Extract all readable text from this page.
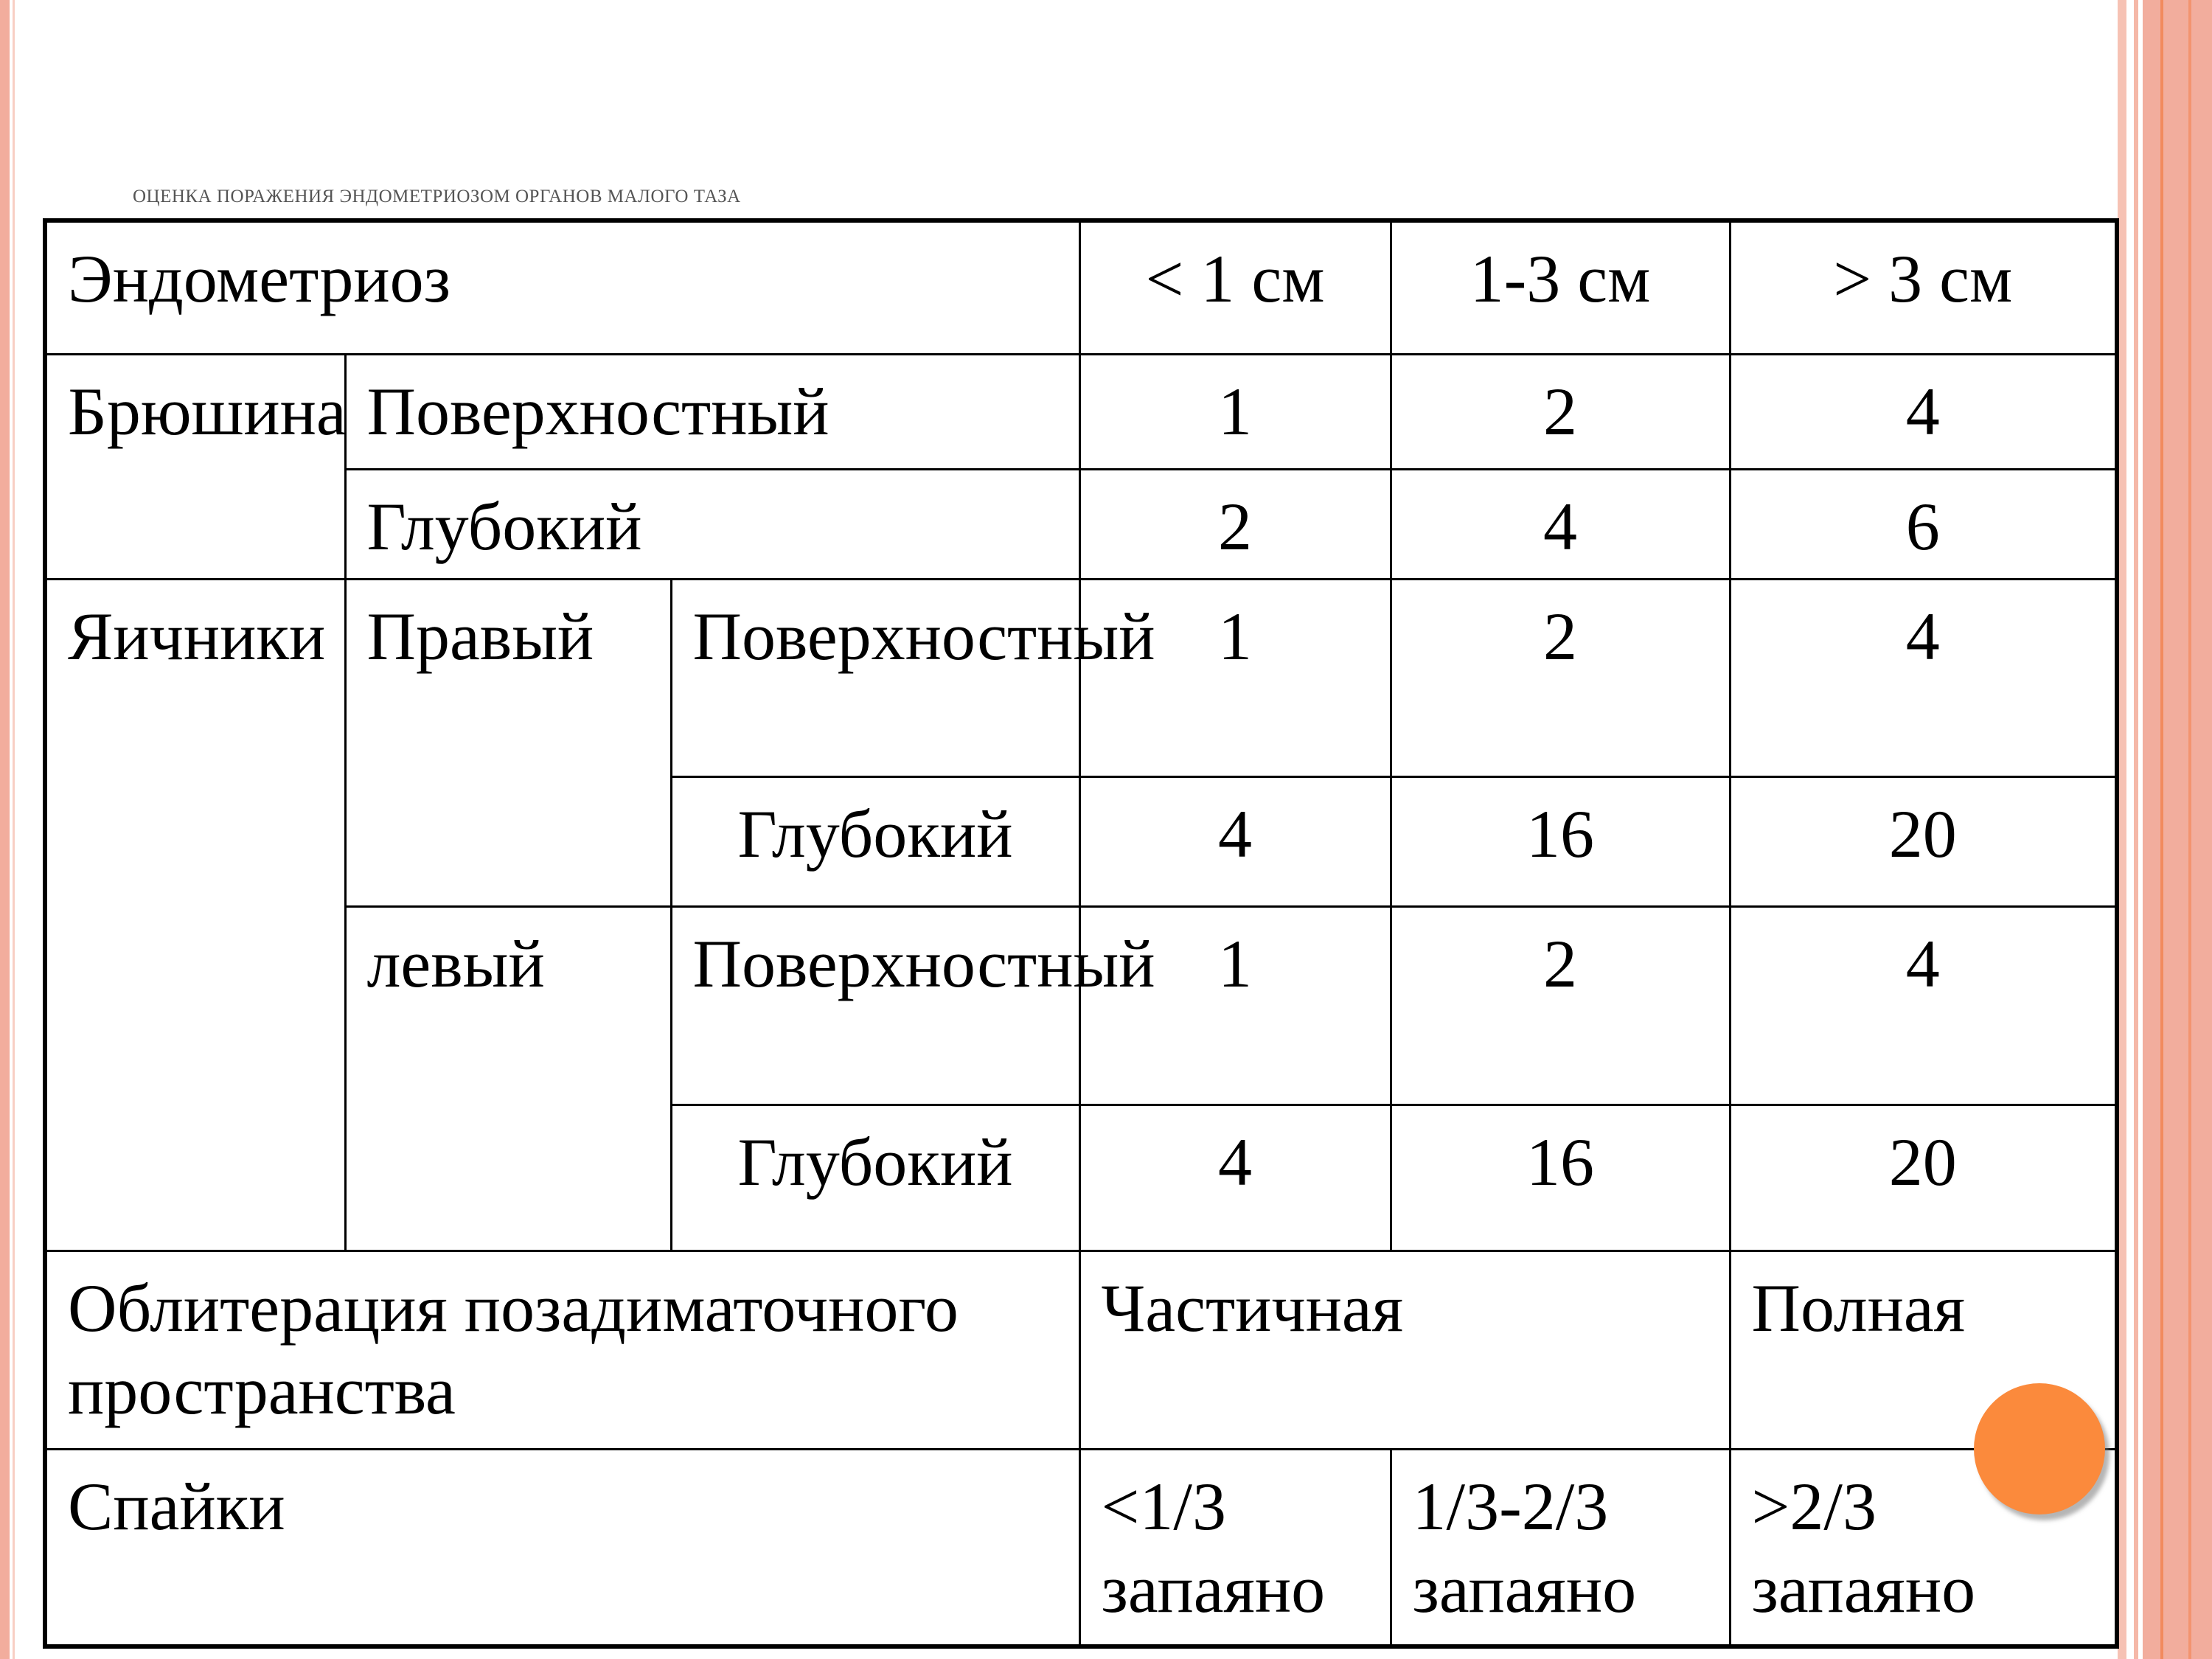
ОЦЕНКА ПОРАЖЕНИЯ ЭНДОМЕТРИОЗОМ ОРГАНОВ МАЛОГО ТАЗА
Эндометриоз			< 1 см	1-3 см	> 3 см
Брюшина	Поверхностный		1	2	4
	Глубокий		2	4	6
Яичники	Правый	Поверхностный	1	2	4
		Глубокий	4	16	20
	левый	Поверхностный	1	2	4
		Глубокий	4	16	20
Облитерация позадиматочного пространства			Частичная		Полная
Спайки			<1/3 запаяно	1/3-2/3 запаяно	>2/3 запаяно
